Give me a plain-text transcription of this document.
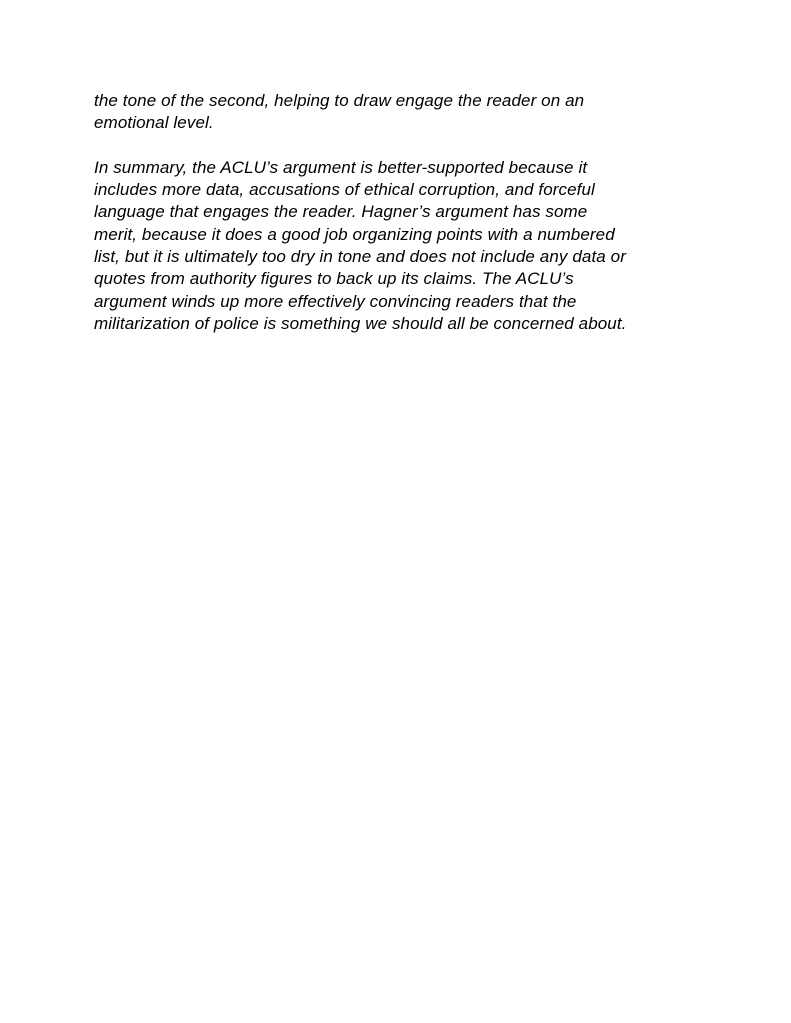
the tone of the second, helping to draw engage the reader on an
emotional level.
In summary, the ACLU’s argument is better-supported because it
includes more data, accusations of ethical corruption, and forceful
language that engages the reader. Hagner’s argument has some
merit, because it does a good job organizing points with a numbered
list, but it is ultimately too dry in tone and does not include any data or
quotes from authority figures to back up its claims. The ACLU’s
argument winds up more effectively convincing readers that the
militarization of police is something we should all be concerned about.
